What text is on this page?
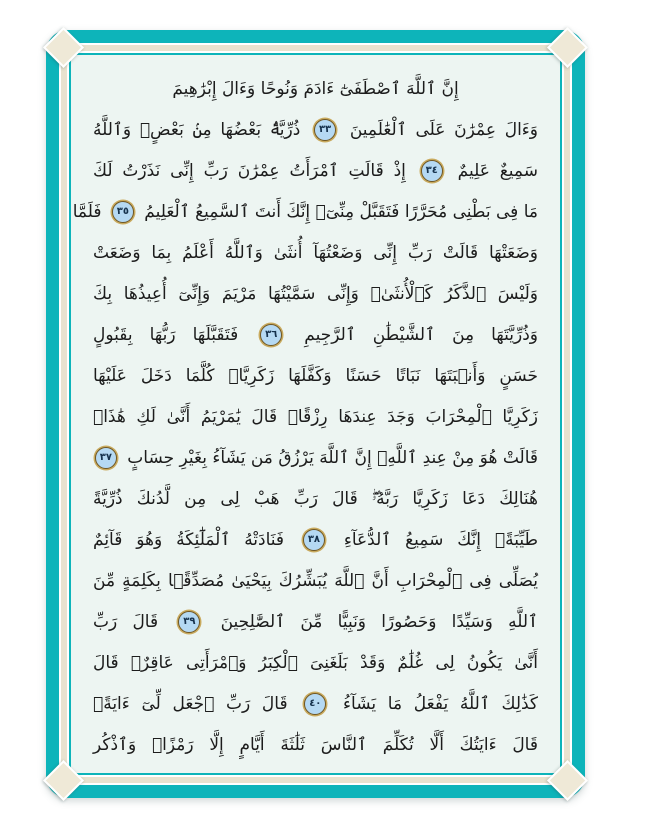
إِنَّ ٱللَّهَ ٱصْطَفَىٰٓ ءَادَمَ وَنُوحًا وَءَالَ إِبْرَٰهِيمَ
وَءَالَ عِمْرَٰنَ عَلَى ٱلْعَٰلَمِينَ ٣٣ ذُرِّيَّةًۢ بَعْضُهَا مِنۢ بَعْضٍۗ وَٱللَّهُ
سَمِيعٌ عَلِيمٌ ٣٤ إِذْ قَالَتِ ٱمْرَأَتُ عِمْرَٰنَ رَبِّ إِنِّى نَذَرْتُ لَكَ
مَا فِى بَطْنِى مُحَرَّرًا فَتَقَبَّلْ مِنِّىٓۖ إِنَّكَ أَنتَ ٱلسَّمِيعُ ٱلْعَلِيمُ ٣٥ فَلَمَّا
وَضَعَتْهَا قَالَتْ رَبِّ إِنِّى وَضَعْتُهَآ أُنثَىٰ وَٱللَّهُ أَعْلَمُ بِمَا وَضَعَتْ
وَلَيْسَ ٱلذَّكَرُ كَٱلْأُنثَىٰۖ وَإِنِّى سَمَّيْتُهَا مَرْيَمَ وَإِنِّىٓ أُعِيذُهَا بِكَ
وَذُرِّيَّتَهَا مِنَ ٱلشَّيْطَٰنِ ٱلرَّجِيمِ ٣٦ فَتَقَبَّلَهَا رَبُّهَا بِقَبُولٍ
حَسَنٍ وَأَنۢبَتَهَا نَبَاتًا حَسَنًا وَكَفَّلَهَا زَكَرِيَّاۖ كُلَّمَا دَخَلَ عَلَيْهَا
زَكَرِيَّا ٱلْمِحْرَابَ وَجَدَ عِندَهَا رِزْقًاۖ قَالَ يَٰمَرْيَمُ أَنَّىٰ لَكِ هَٰذَاۖ
قَالَتْ هُوَ مِنْ عِندِ ٱللَّهِۖ إِنَّ ٱللَّهَ يَرْزُقُ مَن يَشَآءُ بِغَيْرِ حِسَابٍ ٣٧
هُنَالِكَ دَعَا زَكَرِيَّا رَبَّهُۥۖ قَالَ رَبِّ هَبْ لِى مِن لَّدُنكَ ذُرِّيَّةً
طَيِّبَةًۖ إِنَّكَ سَمِيعُ ٱلدُّعَآءِ ٣٨ فَنَادَتْهُ ٱلْمَلَٰٓئِكَةُ وَهُوَ قَآئِمٌ
يُصَلِّى فِى ٱلْمِحْرَابِ أَنَّ ٱللَّهَ يُبَشِّرُكَ بِيَحْيَىٰ مُصَدِّقًۢا بِكَلِمَةٍ مِّنَ
ٱللَّهِ وَسَيِّدًا وَحَصُورًا وَنَبِيًّا مِّنَ ٱلصَّٰلِحِينَ ٣٩ قَالَ رَبِّ
أَنَّىٰ يَكُونُ لِى غُلَٰمٌ وَقَدْ بَلَغَنِىَ ٱلْكِبَرُ وَٱمْرَأَتِى عَاقِرٌۖ قَالَ
كَذَٰلِكَ ٱللَّهُ يَفْعَلُ مَا يَشَآءُ ٤٠ قَالَ رَبِّ ٱجْعَل لِّىٓ ءَايَةًۖ
قَالَ ءَايَتُكَ أَلَّا تُكَلِّمَ ٱلنَّاسَ ثَلَٰثَةَ أَيَّامٍ إِلَّا رَمْزًاۗ وَٱذْكُر
